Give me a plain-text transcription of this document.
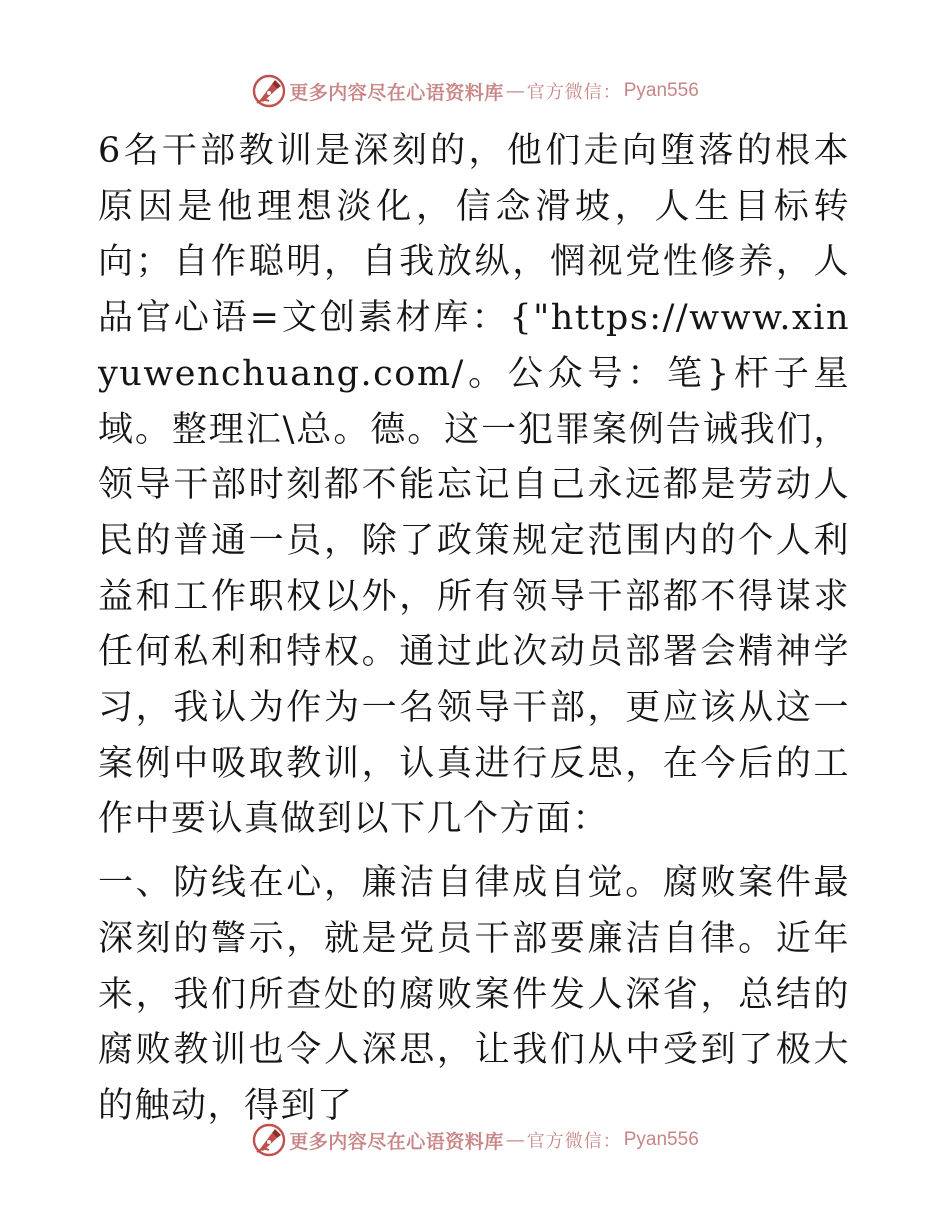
更多内容尽在心语资料库 — 官方微信： Pyan556

6名干部教训是深刻的，他们走向堕落的根本原因是他理想淡化，信念滑坡，人生目标转向；自作聪明，自我放纵，惘视党性修养，人品官心语=文创素材库：{"https://www.xinyuwenchuang.com/。公众号：笔}杆子星域。整理汇\总。德。这一犯罪案例告诫我们，领导干部时刻都不能忘记自己永远都是劳动人民的普通一员，除了政策规定范围内的个人利益和工作职权以外，所有领导干部都不得谋求任何私利和特权。通过此次动员部署会精神学习，我认为作为一名领导干部，更应该从这一案例中吸取教训，认真进行反思，在今后的工作中要认真做到以下几个方面：

一、防线在心，廉洁自律成自觉。腐败案件最深刻的警示，就是党员干部要廉洁自律。近年来，我们所查处的腐败案件发人深省，总结的腐败教训也令人深思，让我们从中受到了极大的触动，得到了

更多内容尽在心语资料库 — 官方微信： Pyan556
